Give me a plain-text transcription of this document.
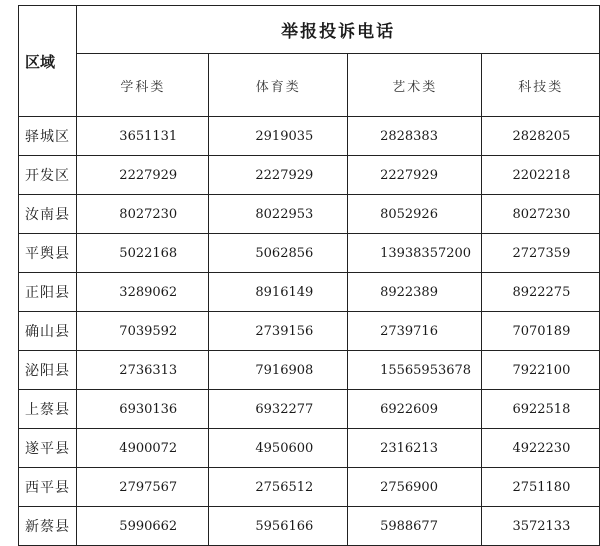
区域	举报投诉电话			
	学科类	体育类	艺术类	科技类
驿城区	3651131	2919035	2828383	2828205
开发区	2227929	2227929	2227929	2202218
汝南县	8027230	8022953	8052926	8027230
平舆县	5022168	5062856	13938357200	2727359
正阳县	3289062	8916149	8922389	8922275
确山县	7039592	2739156	2739716	7070189
泌阳县	2736313	7916908	15565953678	7922100
上蔡县	6930136	6932277	6922609	6922518
遂平县	4900072	4950600	2316213	4922230
西平县	2797567	2756512	2756900	2751180
新蔡县	5990662	5956166	5988677	3572133
